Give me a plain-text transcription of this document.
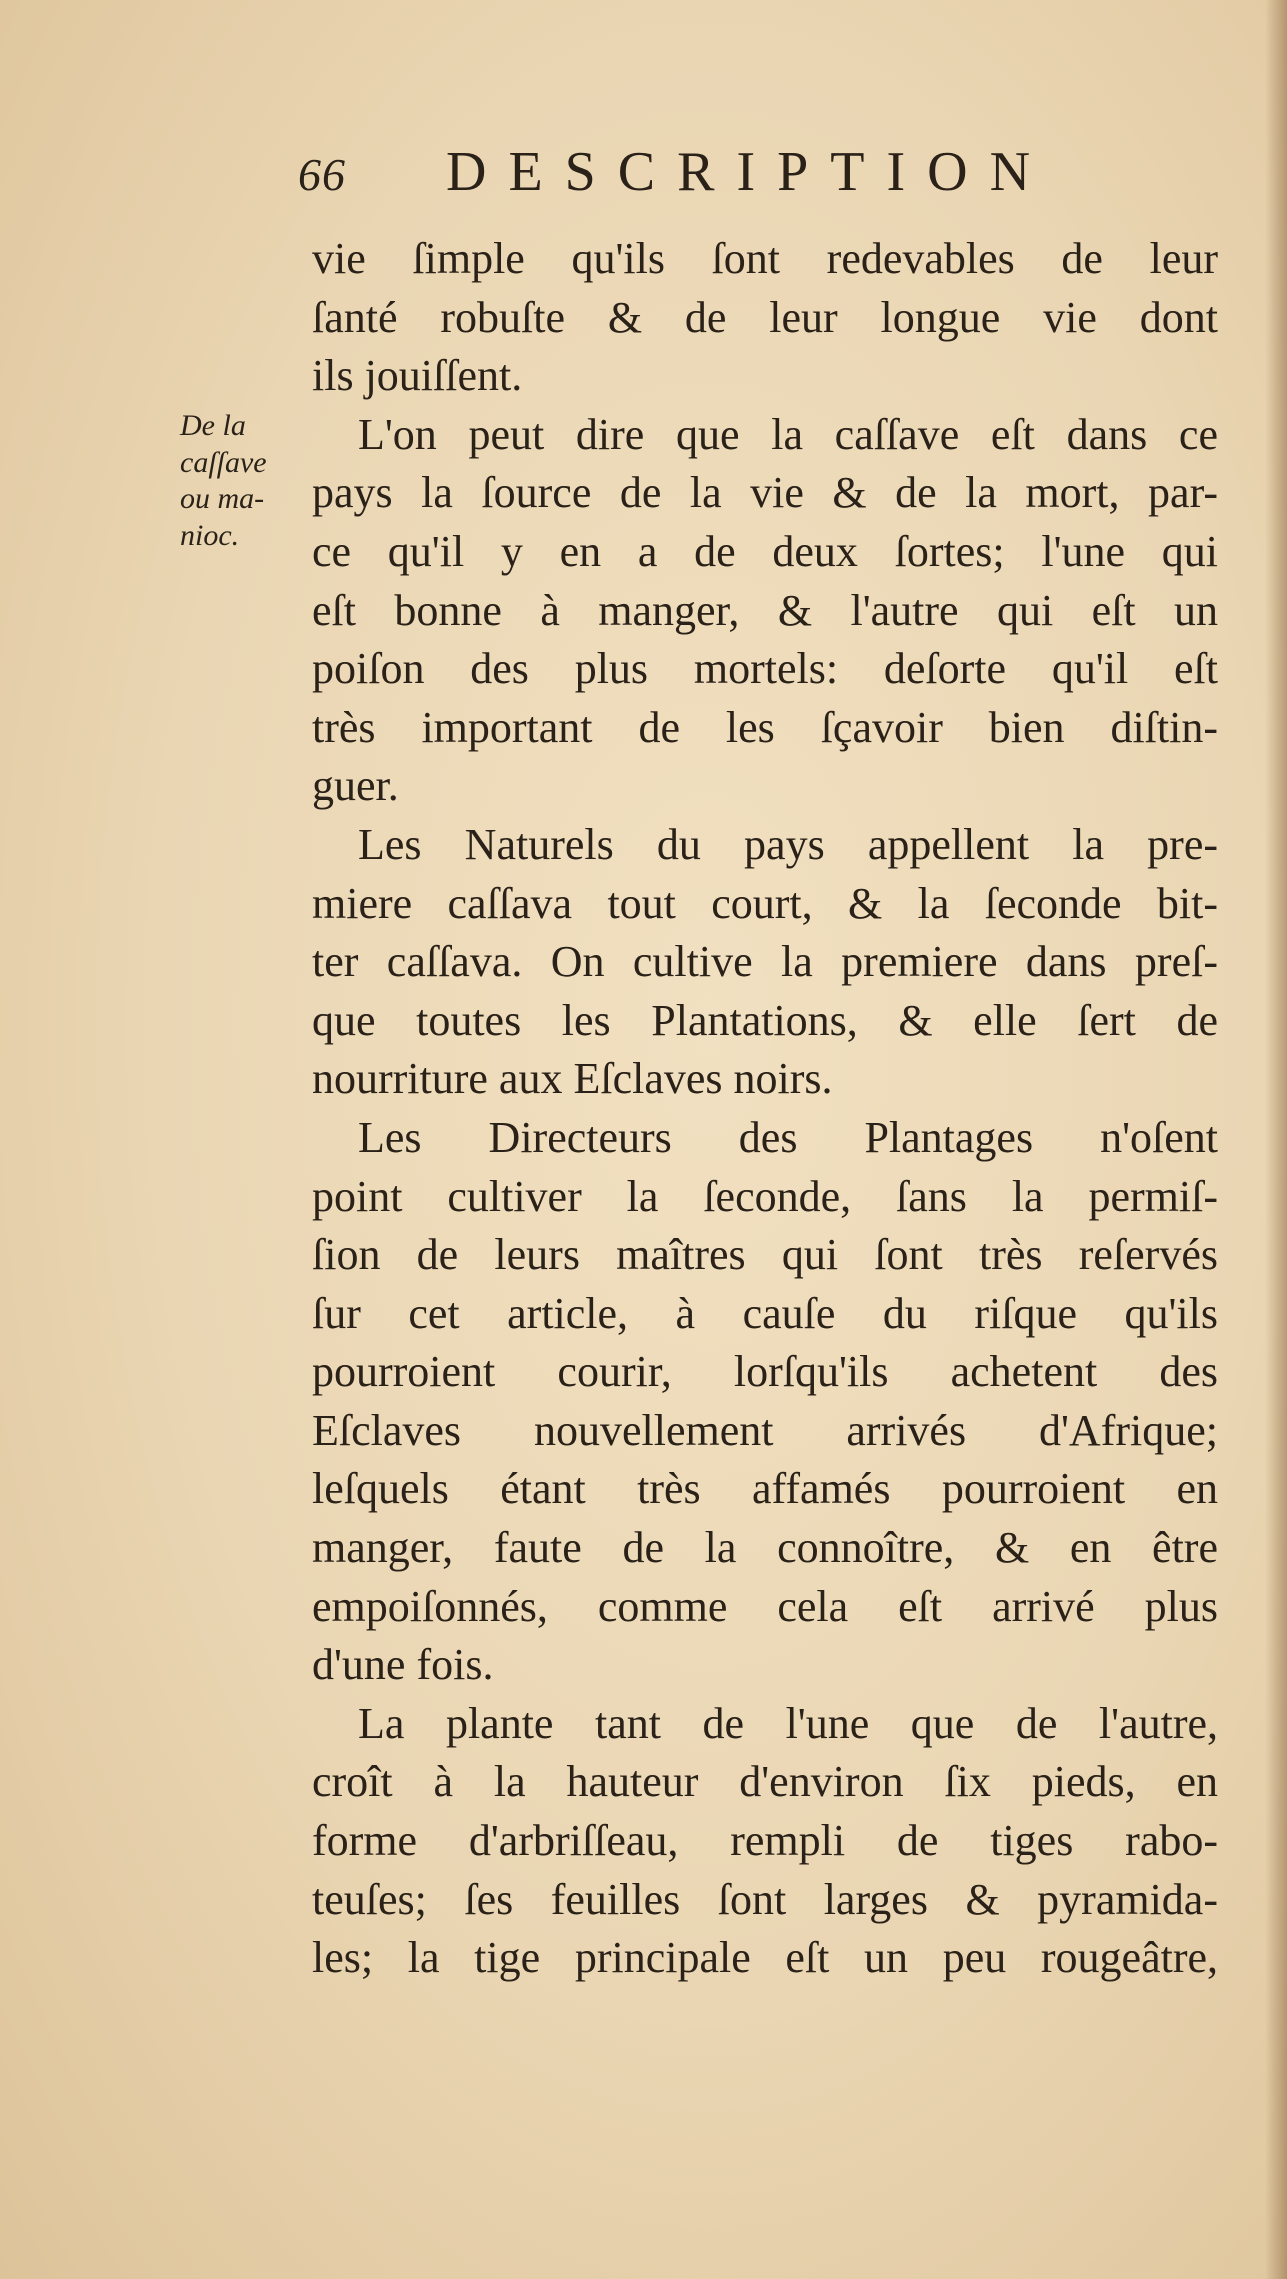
66 DESCRIPTION
De la
caſſave
ou ma-
nioc.
vie ſimple qu'ils ſont redevables de leur
ſanté robuſte & de leur longue vie dont
ils jouiſſent.
L'on peut dire que la caſſave eſt dans ce
pays la ſource de la vie & de la mort, par-
ce qu'il y en a de deux ſortes; l'une qui
eſt bonne à manger, & l'autre qui eſt un
poiſon des plus mortels: deſorte qu'il eſt
très important de les ſçavoir bien diſtin-
guer.
Les Naturels du pays appellent la pre-
miere caſſava tout court, & la ſeconde bit-
ter caſſava. On cultive la premiere dans preſ-
que toutes les Plantations, & elle ſert de
nourriture aux Eſclaves noirs.
Les Directeurs des Plantages n'oſent
point cultiver la ſeconde, ſans la permiſ-
ſion de leurs maîtres qui ſont très reſervés
ſur cet article, à cauſe du riſque qu'ils
pourroient courir, lorſqu'ils achetent des
Eſclaves nouvellement arrivés d'Afrique;
leſquels étant très affamés pourroient en
manger, faute de la connoître, & en être
empoiſonnés, comme cela eſt arrivé plus
d'une fois.
La plante tant de l'une que de l'autre,
croît à la hauteur d'environ ſix pieds, en
forme d'arbriſſeau, rempli de tiges rabo-
teuſes; ſes feuilles ſont larges & pyramida-
les; la tige principale eſt un peu rougeâtre,
